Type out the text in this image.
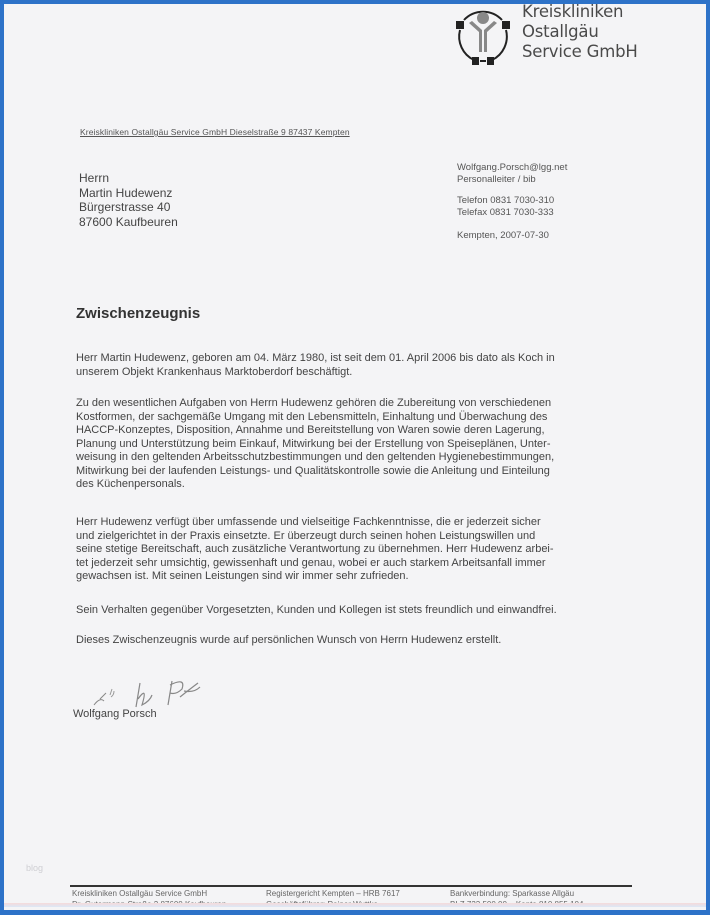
Kreiskliniken
Ostallgäu
Service GmbH
Kreiskliniken Ostallgäu Service GmbH Dieselstraße 9 87437 Kempten
Herrn
Martin Hudewenz
Bürgerstrasse 40
87600 Kaufbeuren
Wolfgang.Porsch@lgg.net
Personalleiter / bib
Telefon 0831 7030-310
Telefax 0831 7030-333
Kempten, 2007-07-30
Zwischenzeugnis
Herr Martin Hudewenz, geboren am 04. März 1980, ist seit dem 01. April 2006 bis dato als Koch in
unserem Objekt Krankenhaus Marktoberdorf beschäftigt.
Zu den wesentlichen Aufgaben von Herrn Hudewenz gehören die Zubereitung von verschiedenen
Kostformen, der sachgemäße Umgang mit den Lebensmitteln, Einhaltung und Überwachung des
HACCP-Konzeptes, Disposition, Annahme und Bereitstellung von Waren sowie deren Lagerung,
Planung und Unterstützung beim Einkauf, Mitwirkung bei der Erstellung von Speiseplänen, Unter-
weisung in den geltenden Arbeitsschutzbestimmungen und den geltenden Hygienebestimmungen,
Mitwirkung bei der laufenden Leistungs- und Qualitätskontrolle sowie die Anleitung und Einteilung
des Küchenpersonals.
Herr Hudewenz verfügt über umfassende und vielseitige Fachkenntnisse, die er jederzeit sicher
und zielgerichtet in der Praxis einsetzte. Er überzeugt durch seinen hohen Leistungswillen und
seine stetige Bereitschaft, auch zusätzliche Verantwortung zu übernehmen. Herr Hudewenz arbei-
tet jederzeit sehr umsichtig, gewissenhaft und genau, wobei er auch starkem Arbeitsanfall immer
gewachsen ist. Mit seinen Leistungen sind wir immer sehr zufrieden.
Sein Verhalten gegenüber Vorgesetzten, Kunden und Kollegen ist stets freundlich und einwandfrei.
Dieses Zwischenzeugnis wurde auf persönlichen Wunsch von Herrn Hudewenz erstellt.
Wolfgang Porsch
blog
Kreiskliniken Ostallgäu Service GmbH	Registergericht Kempten – HRB 7617	Bankverbindung: Sparkasse Allgäu
